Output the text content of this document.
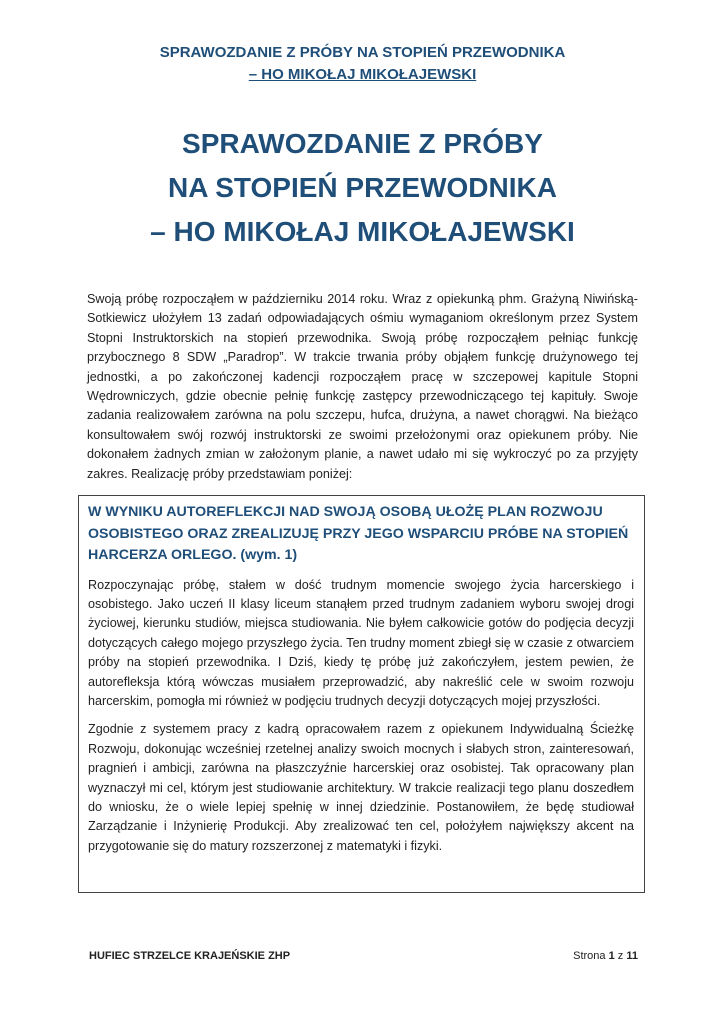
SPRAWOZDANIE Z PRÓBY NA STOPIEŃ PRZEWODNIKA
– HO MIKOŁAJ MIKOŁAJEWSKI
SPRAWOZDANIE Z PRÓBY
NA STOPIEŃ PRZEWODNIKA
– HO MIKOŁAJ MIKOŁAJEWSKI

Swoją próbę rozpocząłem w październiku 2014 roku. Wraz z opiekunką phm. Grażyną Niwińską-Sotkiewicz ułożyłem 13 zadań odpowiadających ośmiu wymaganiom określonym przez System Stopni Instruktorskich na stopień przewodnika. Swoją próbę rozpocząłem pełniąc funkcję przybocznego 8 SDW „Paradrop”. W trakcie trwania próby objąłem funkcję drużynowego tej jednostki, a po zakończonej kadencji rozpocząłem pracę w szczepowej kapitule Stopni Wędrowniczych, gdzie obecnie pełnię funkcję zastępcy przewodniczącego tej kapituły. Swoje zadania realizowałem zarówna na polu szczepu, hufca, drużyna, a nawet chorągwi. Na bieżąco konsultowałem swój rozwój instruktorski ze swoimi przełożonymi oraz opiekunem próby. Nie dokonałem żadnych zmian w założonym planie, a nawet udało mi się wykroczyć po za przyjęty zakres. Realizację próby przedstawiam poniżej:

W WYNIKU AUTOREFLEKCJI NAD SWOJĄ OSOBĄ UŁOŻĘ PLAN ROZWOJU OSOBISTEGO ORAZ ZREALIZUJĘ PRZY JEGO WSPARCIU PRÓBE NA STOPIEŃ HARCERZA ORLEGO. (wym. 1)

Rozpoczynając próbę, stałem w dość trudnym momencie swojego życia harcerskiego i osobistego. Jako uczeń II klasy liceum stanąłem przed trudnym zadaniem wyboru swojej drogi życiowej, kierunku studiów, miejsca studiowania. Nie byłem całkowicie gotów do podjęcia decyzji dotyczących całego mojego przyszłego życia. Ten trudny moment zbiegł się w czasie z otwarciem próby na stopień przewodnika. I Dziś, kiedy tę próbę już zakończyłem, jestem pewien, że autorefleksja którą wówczas musiałem przeprowadzić, aby nakreślić cele w swoim rozwoju harcerskim, pomogła mi również w podjęciu trudnych decyzji dotyczących mojej przyszłości.

Zgodnie z systemem pracy z kadrą opracowałem razem z opiekunem Indywidualną Ścieżkę Rozwoju, dokonując wcześniej rzetelnej analizy swoich mocnych i słabych stron, zainteresowań, pragnień i ambicji, zarówna na płaszczyźnie harcerskiej oraz osobistej. Tak opracowany plan wyznaczył mi cel, którym jest studiowanie architektury. W trakcie realizacji tego planu doszedłem do wniosku, że o wiele lepiej spełnię w innej dziedzinie. Postanowiłem, że będę studiował Zarządzanie i Inżynierię Produkcji. Aby zrealizować ten cel, położyłem największy akcent na przygotowanie się do matury rozszerzonej z matematyki i fizyki.

HUFIEC STRZELCE KRAJEŃSKIE ZHP	Strona 1 z 11
